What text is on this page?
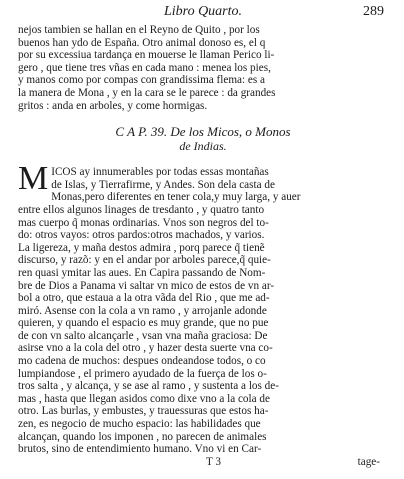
Libro Quarto.	289
nejos tambien se hallan en el Reyno de Quito , por los
buenos han ydo de España. Otro animal donoso es, el q
por su excessiua tardança en mouerse le llaman Perico li-
gero , que tiene tres vñas en cada mano : menea los pies,
y manos como por compas con grandissima flema: es a
la manera de Mona , y en la cara se le parece : da grandes
gritos : anda en arboles, y come hormigas.
C A P. 39. De los Micos, o Monos
de Indias.
M ICOS ay innumerables por todas essas montañas
de Islas, y Tierrafirme, y Andes. Son dela casta de
Monas,pero diferentes en tener cola,y muy larga, y auer
entre ellos algunos linages de tresdanto , y quatro tanto
mas cuerpo q̃ monas ordinarias. Vnos son negros del to-
do: otros vayos: otros pardos:otros machados, y varios.
La ligereza, y maña destos admira , porq parece q̃ tienẽ
discurso, y razõ: y en el andar por arboles parece,q̃ quie-
ren quasi ymitar las aues. En Capira passando de Nom-
bre de Dios a Panama vi saltar vn mico de estos de vn ar-
bol a otro, que estaua a la otra vãda del Rio , que me ad-
miró. Asense con la cola a vn ramo , y arrojanle adonde
quieren, y quando el espacio es muy grande, que no pue
de con vn salto alcançarle , vsan vna maña graciosa: De
asirse vno a la cola del otro , y hazer desta suerte vna co-
mo cadena de muchos: despues ondeandose todos, o co
lumpiandose , el primero ayudado de la fuerça de los o-
tros salta , y alcança, y se ase al ramo , y sustenta a los de-
mas , hasta que llegan asidos como dixe vno a la cola de
otro. Las burlas, y embustes, y trauessuras que estos ha-
zen, es negocio de mucho espacio: las habilidades que
alcançan, quando los imponen , no parecen de animales
brutos, sino de entendimiento humano. Vno vi en Car-
T 3	tage-
